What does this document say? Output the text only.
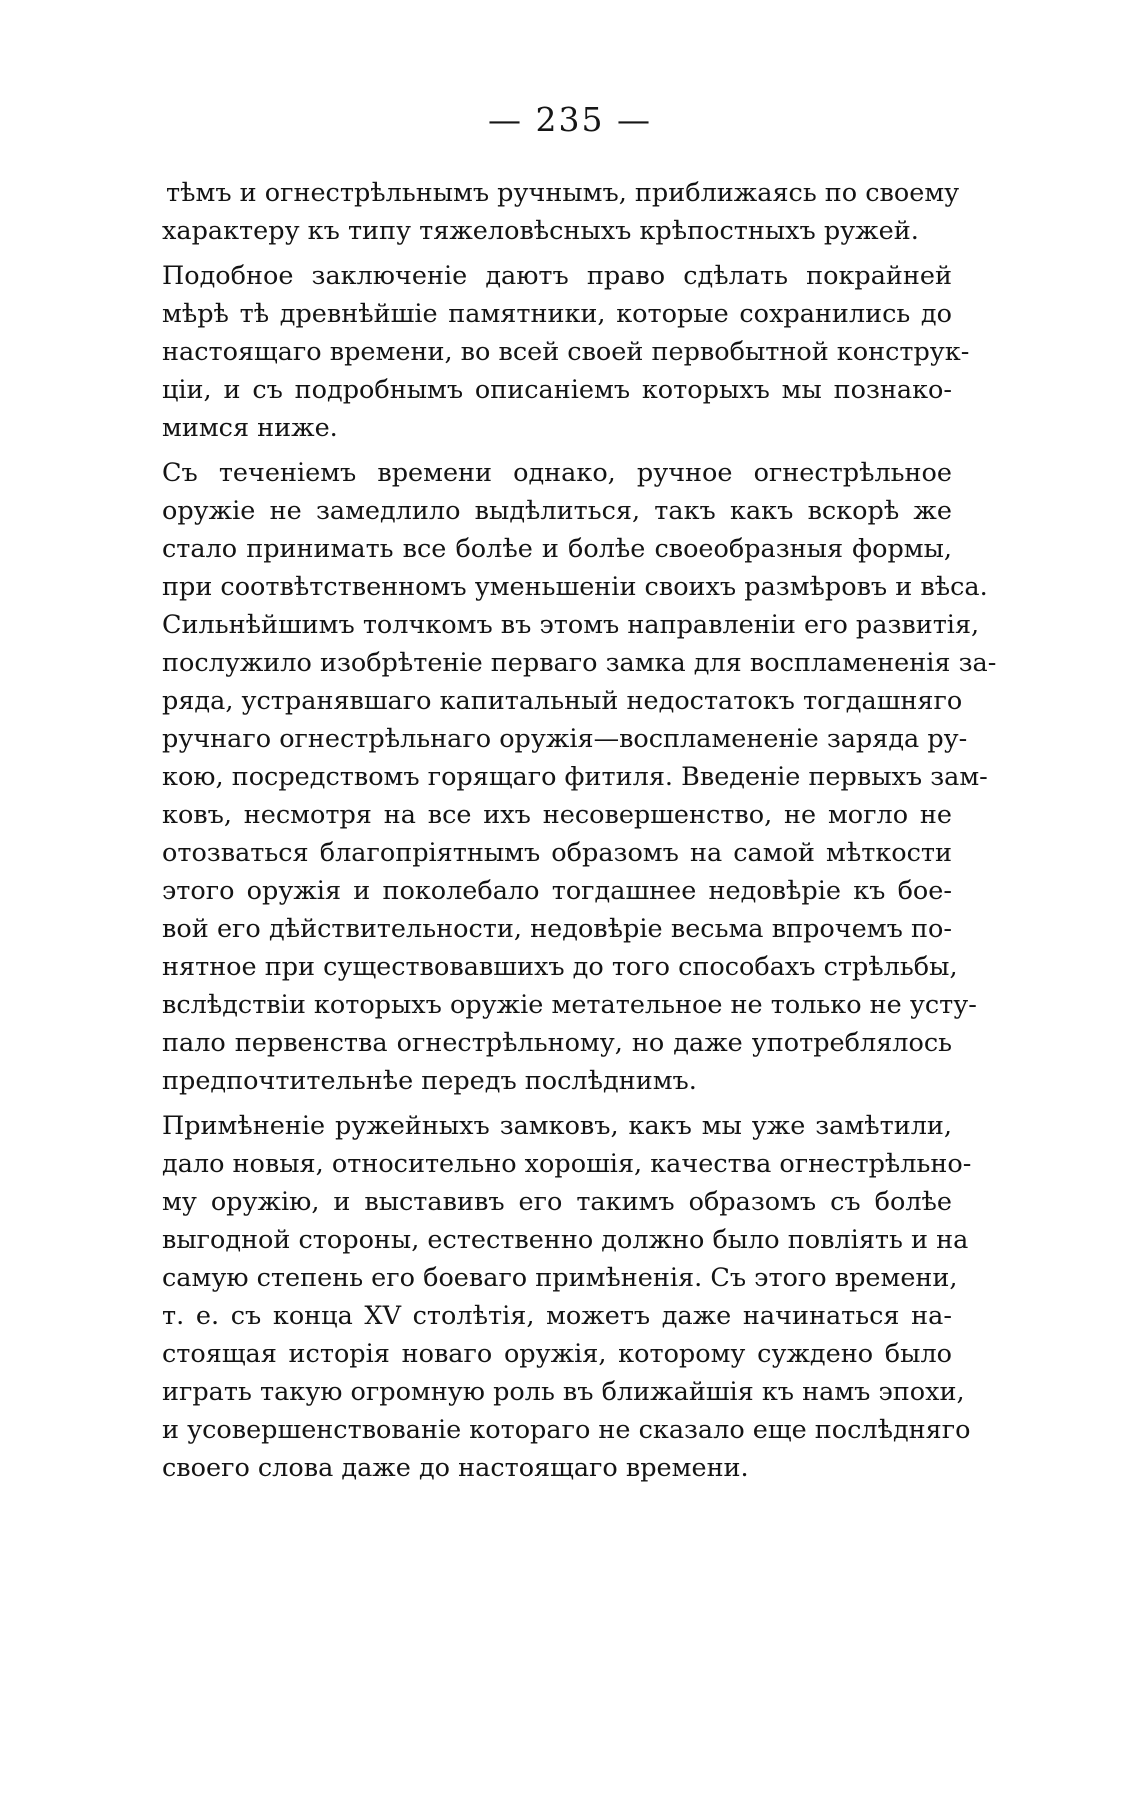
— 235 —
тѣмъ и огнестрѣльнымъ ручнымъ, приближаясь по своему
характеру къ типу тяжеловѣсныхъ крѣпостныхъ ружей.
Подобное заключеніе даютъ право сдѣлать покрайней
мѣрѣ тѣ древнѣйшіе памятники, которые сохранились до
настоящаго времени, во всей своей первобытной конструк-
ціи, и съ подробнымъ описаніемъ которыхъ мы познако-
мимся ниже.
Съ теченіемъ времени однако, ручное огнестрѣльное
оружіе не замедлило выдѣлиться, такъ какъ вскорѣ же
стало принимать все болѣе и болѣе своеобразныя формы,
при соотвѣтственномъ уменьшеніи своихъ размѣровъ и вѣса.
Сильнѣйшимъ толчкомъ въ этомъ направленіи его развитія,
послужило изобрѣтеніе перваго замка для воспламененія за-
ряда, устранявшаго капитальный недостатокъ тогдашняго
ручнаго огнестрѣльнаго оружія—воспламененіе заряда ру-
кою, посредствомъ горящаго фитиля. Введеніе первыхъ зам-
ковъ, несмотря на все ихъ несовершенство, не могло не
отозваться благопріятнымъ образомъ на самой мѣткости
этого оружія и поколебало тогдашнее недовѣріе къ бое-
вой его дѣйствительности, недовѣріе весьма впрочемъ по-
нятное при существовавшихъ до того способахъ стрѣльбы,
вслѣдствіи которыхъ оружіе метательное не только не усту-
пало первенства огнестрѣльному, но даже употреблялось
предпочтительнѣе передъ послѣднимъ.
Примѣненіе ружейныхъ замковъ, какъ мы уже замѣтили,
дало новыя, относительно хорошія, качества огнестрѣльно-
му оружію, и выставивъ его такимъ образомъ съ болѣе
выгодной стороны, естественно должно было повліять и на
самую степень его боеваго примѣненія. Съ этого времени,
т. е. съ конца XV столѣтія, можетъ даже начинаться на-
стоящая исторія новаго оружія, которому суждено было
играть такую огромную роль въ ближайшія къ намъ эпохи,
и усовершенствованіе котораго не сказало еще послѣдняго
своего слова даже до настоящаго времени.
